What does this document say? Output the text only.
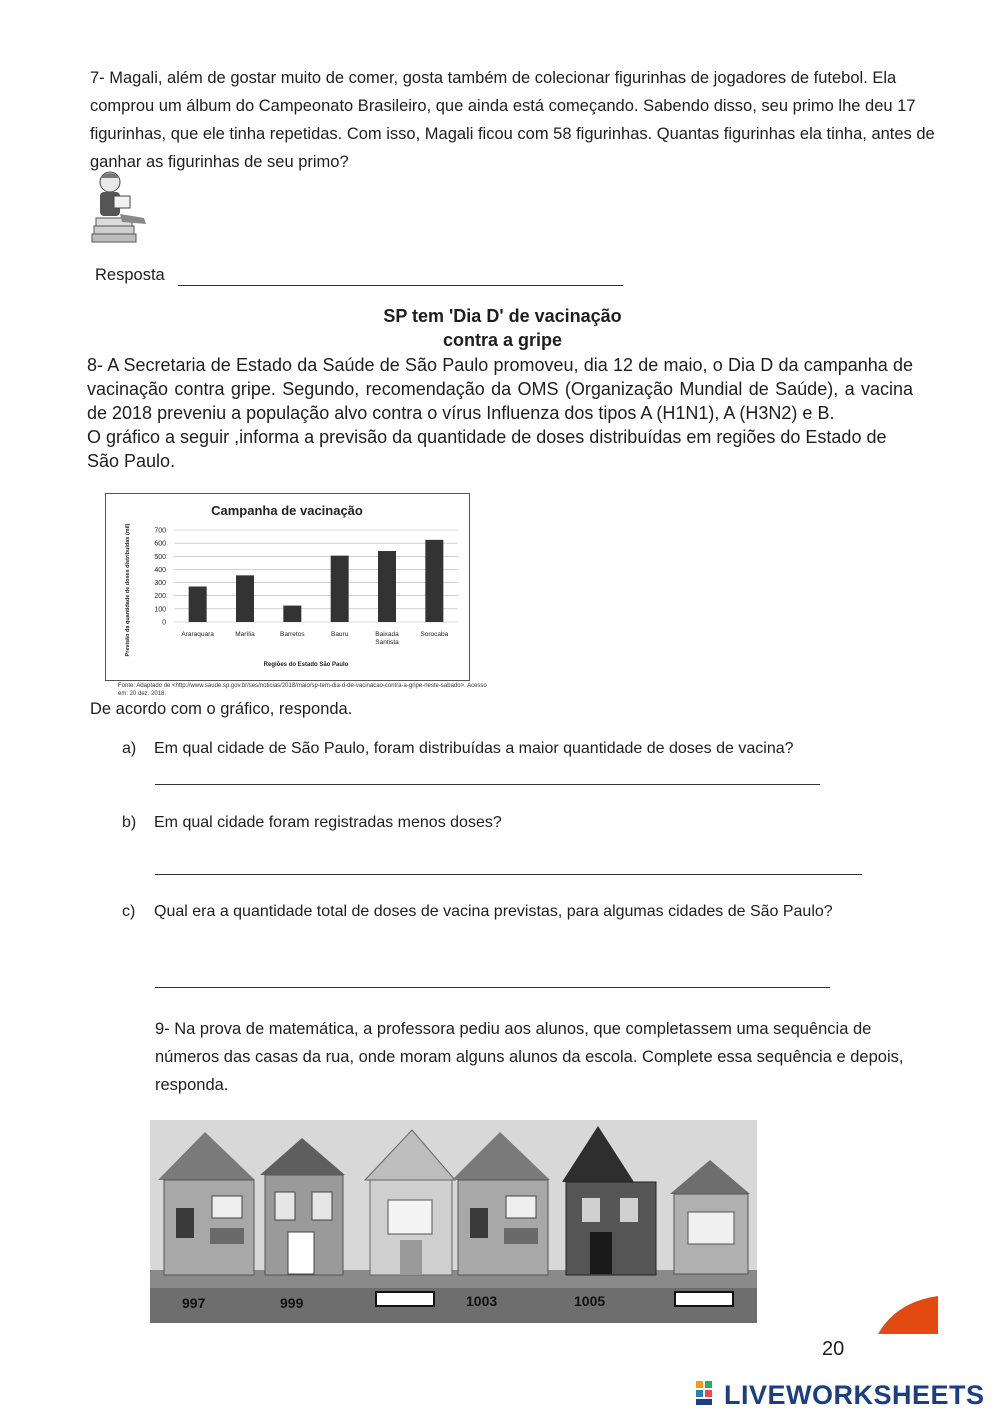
7- Magali, além de gostar muito de comer, gosta também de colecionar figurinhas de jogadores de futebol. Ela comprou um álbum do Campeonato Brasileiro, que ainda está começando. Sabendo disso, seu primo lhe deu 17 figurinhas, que ele tinha repetidas. Com isso, Magali ficou com 58 figurinhas. Quantas figurinhas ela tinha, antes de ganhar as figurinhas de seu primo?
Resposta
SP tem 'Dia D' de vacinação
contra a gripe

8- A Secretaria de Estado da Saúde de São Paulo promoveu, dia 12 de maio, o Dia D da campanha de vacinação contra gripe. Segundo, recomendação da OMS (Organização Mundial de Saúde), a vacina de 2018 preveniu a população alvo contra o vírus Influenza dos tipos A (H1N1), A (H3N2) e B.

O gráfico a seguir ,informa a previsão da quantidade de doses distribuídas em regiões do Estado de São Paulo.

Campanha de vacinação
Previsão da quantidade de doses distribuídas (mil)
Regiões do Estado São Paulo
0
100
200
300
400
500
600
700
Araraquara	Marília	Barretos	Bauru	Baixada Santista
Sorocaba
Fonte: Adaptado de <http://www.saude.sp.gov.br/ses/noticias/2018/maio/sp-tem-dia-d-de-vacinacao-contra-a-gripe-neste-sabado>. Acesso em: 20 dez. 2018.
De acordo com o gráfico, responda.
a) Em qual cidade de São Paulo, foram distribuídas a maior quantidade de doses de vacina?
b) Em qual cidade foram registradas menos doses?
c)	Qual era a quantidade total de doses de vacina previstas, para algumas cidades de São Paulo?
9- Na prova de matemática, a professora pediu aos alunos, que completassem uma sequência de números das casas da rua, onde moram alguns alunos da escola. Complete essa sequência e depois, responda.
997	999	1003	1005
20
LIVEWORKSHEETS
